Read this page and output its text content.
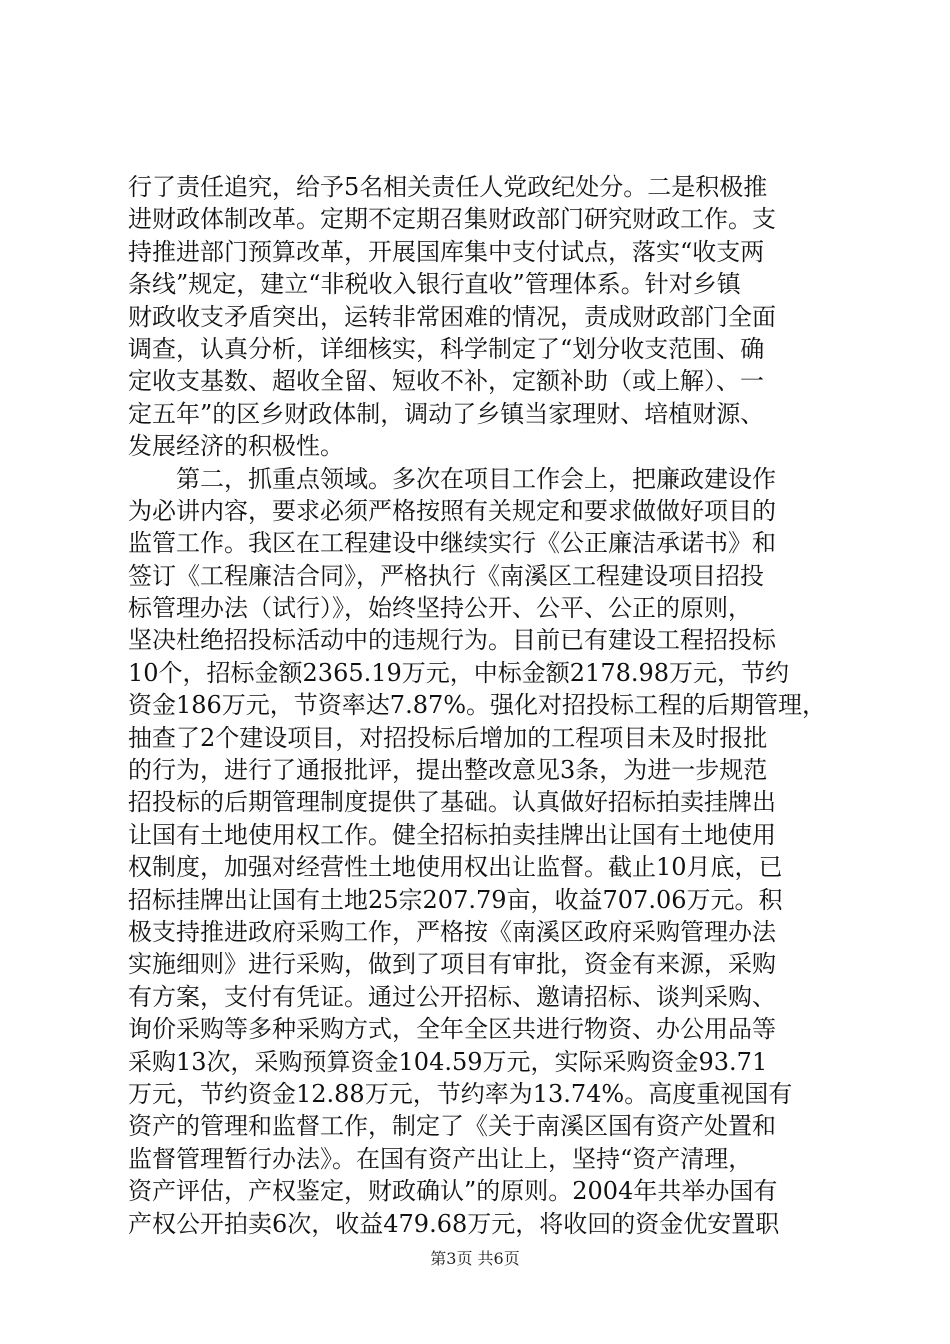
行了责任追究，给予5名相关责任人党政纪处分。二是积极推
进财政体制改革。定期不定期召集财政部门研究财政工作。支
持推进部门预算改革，开展国库集中支付试点，落实“收支两
条线”规定，建立“非税收入银行直收”管理体系。针对乡镇
财政收支矛盾突出，运转非常困难的情况，责成财政部门全面
调查，认真分析，详细核实，科学制定了“划分收支范围、确
定收支基数、超收全留、短收不补，定额补助（或上解）、一
定五年”的区乡财政体制，调动了乡镇当家理财、培植财源、
发展经济的积极性。
　　第二，抓重点领域。多次在项目工作会上，把廉政建设作
为必讲内容，要求必须严格按照有关规定和要求做做好项目的
监管工作。我区在工程建设中继续实行《公正廉洁承诺书》和
签订《工程廉洁合同》，严格执行《南溪区工程建设项目招投
标管理办法（试行）》，始终坚持公开、公平、公正的原则，
坚决杜绝招投标活动中的违规行为。目前已有建设工程招投标
10个，招标金额2365.19万元，中标金额2178.98万元，节约
资金186万元，节资率达7.87%。强化对招投标工程的后期管理，
抽查了2个建设项目，对招投标后增加的工程项目未及时报批
的行为，进行了通报批评，提出整改意见3条，为进一步规范
招投标的后期管理制度提供了基础。认真做好招标拍卖挂牌出
让国有土地使用权工作。健全招标拍卖挂牌出让国有土地使用
权制度，加强对经营性土地使用权出让监督。截止10月底，已
招标挂牌出让国有土地25宗207.79亩，收益707.06万元。积
极支持推进政府采购工作，严格按《南溪区政府采购管理办法
实施细则》进行采购，做到了项目有审批，资金有来源，采购
有方案，支付有凭证。通过公开招标、邀请招标、谈判采购、
询价采购等多种采购方式，全年全区共进行物资、办公用品等
采购13次，采购预算资金104.59万元，实际采购资金93.71
万元，节约资金12.88万元，节约率为13.74%。高度重视国有
资产的管理和监督工作，制定了《关于南溪区国有资产处置和
监督管理暂行办法》。在国有资产出让上，坚持“资产清理，
资产评估，产权鉴定，财政确认”的原则。2004年共举办国有
产权公开拍卖6次，收益479.68万元，将收回的资金优安置职
第3页 共6页
